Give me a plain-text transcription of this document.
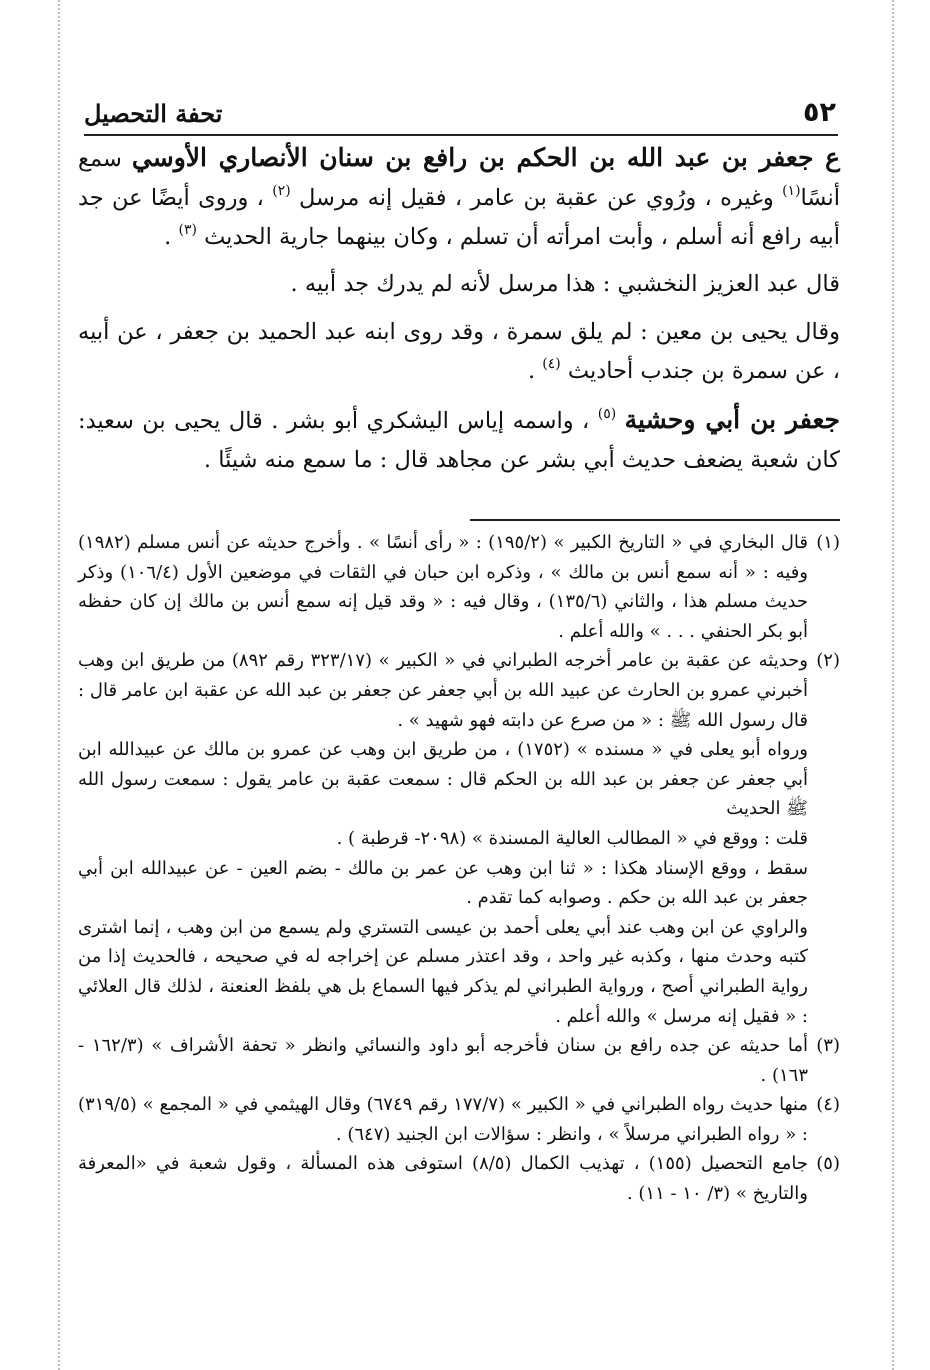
٥٢
تحفة التحصيل

ع جعفر بن عبد الله بن الحكم بن رافع بن سنان الأنصاري الأوسي سمع أنسًا$^{(١)}$ وغيره ، ورُوي عن عقبة بن عامر ، فقيل إنه مرسل $^{(٢)}$ ، وروى أيضًا عن جد أبيه رافع أنه أسلم ، وأبت امرأته أن تسلم ، وكان بينهما جارية الحديث $^{(٣)}$ .

قال عبد العزيز النخشبي : هذا مرسل لأنه لم يدرك جد أبيه .

وقال يحيى بن معين : لم يلق سمرة ، وقد روى ابنه عبد الحميد بن جعفر ، عن أبيه ، عن سمرة بن جندب أحاديث $^{(٤)}$ .

جعفر بن أبي وحشية $^{(٥)}$ ، واسمه إياس اليشكري أبو بشر . قال يحيى بن سعيد: كان شعبة يضعف حديث أبي بشر عن مجاهد قال : ما سمع منه شيئًا .

(١)
قال البخاري في « التاريخ الكبير » (١٩٥/٢) : « رأى أنسًا » . وأخرج حديثه عن أنس مسلم (١٩٨٢) وفيه : « أنه سمع أنس بن مالك » ، وذكره ابن حبان في الثقات في موضعين الأول (١٠٦/٤) وذكر حديث مسلم هذا ، والثاني (١٣٥/٦) ، وقال فيه : « وقد قيل إنه سمع أنس بن مالك إن كان حفظه أبو بكر الحنفي . . . » والله أعلم .
(٢)
وحديثه عن عقبة بن عامر أخرجه الطبراني في « الكبير » (٣٢٣/١٧ رقم ٨٩٢) من طريق ابن وهب أخبرني عمرو بن الحارث عن عبيد الله بن أبي جعفر عن جعفر بن عبد الله عن عقبة ابن عامر قال : قال رسول الله ﷺ : « من صرع عن دابته فهو شهيد » .
ورواه أبو يعلى في « مسنده » (١٧٥٢) ، من طريق ابن وهب عن عمرو بن مالك عن عبيدالله ابن أبي جعفر عن جعفر بن عبد الله بن الحكم قال : سمعت عقبة بن عامر يقول : سمعت رسول الله ﷺ الحديث
قلت : ووقع في « المطالب العالية المسندة » (٢٠٩٨- قرطبة ) .
سقط ، ووقع الإسناد هكذا : « ثنا ابن وهب عن عمر بن مالك - بضم العين - عن عبيدالله ابن أبي جعفر بن عبد الله بن حكم . وصوابه كما تقدم .
والراوي عن ابن وهب عند أبي يعلى أحمد بن عيسى التستري ولم يسمع من ابن وهب ، إنما اشترى كتبه وحدث منها ، وكذبه غير واحد ، وقد اعتذر مسلم عن إخراجه له في صحيحه ، فالحديث إذا من رواية الطبراني أصح ، ورواية الطبراني لم يذكر فيها السماع بل هي بلفظ العنعنة ، لذلك قال العلائي : « فقيل إنه مرسل » والله أعلم .
(٣)
أما حديثه عن جده رافع بن سنان فأخرجه أبو داود والنسائي وانظر « تحفة الأشراف » (١٦٢/٣ - ١٦٣) .
(٤)
منها حديث رواه الطبراني في « الكبير » (١٧٧/٧ رقم ٦٧٤٩) وقال الهيثمي في « المجمع » (٣١٩/٥) : « رواه الطبراني مرسلاً » ، وانظر : سؤالات ابن الجنيد (٦٤٧) .
(٥)
جامع التحصيل (١٥٥) ، تهذيب الكمال (٨/٥) استوفى هذه المسألة ، وقول شعبة في «المعرفة والتاريخ » (٣/ ١٠ - ١١) .
